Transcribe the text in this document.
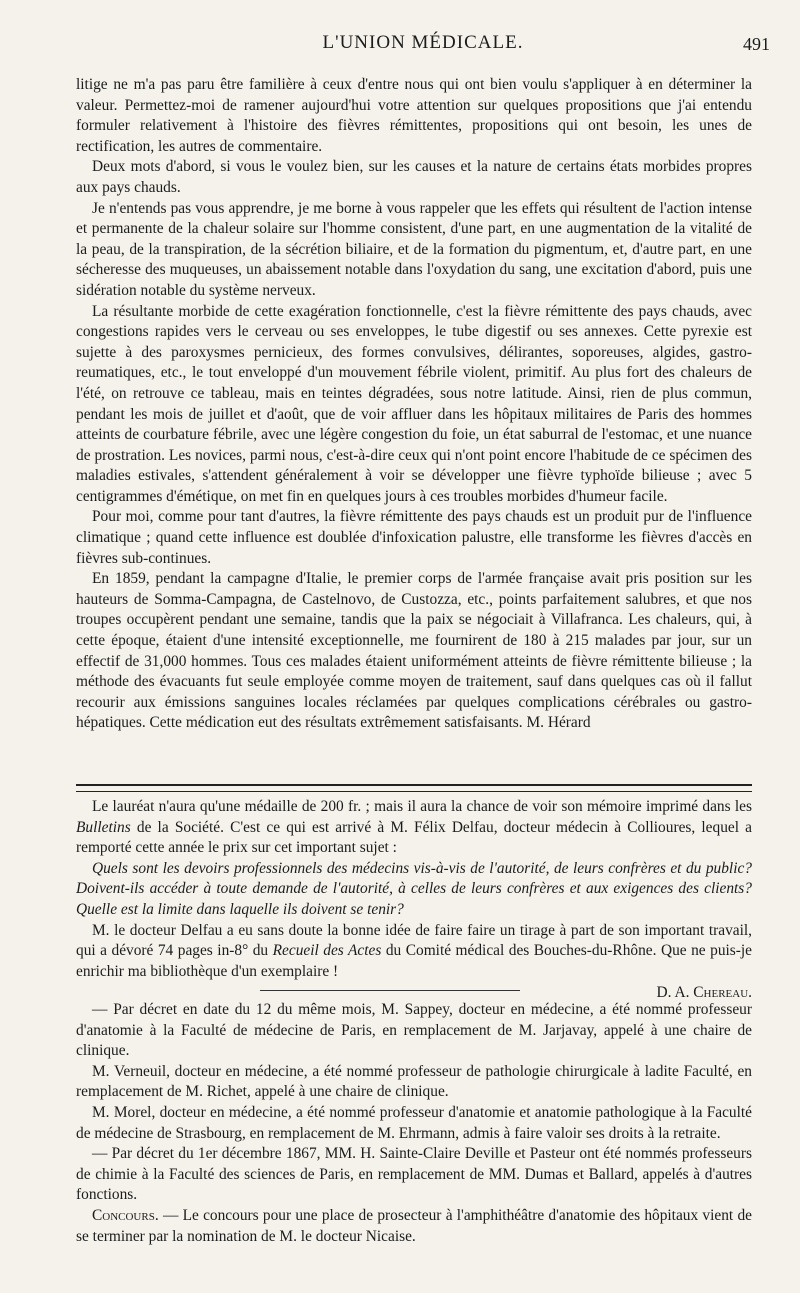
L'UNION MÉDICALE.	491

litige ne m'a pas paru être familière à ceux d'entre nous qui ont bien voulu s'appliquer à en déterminer la valeur. Permettez-moi de ramener aujourd'hui votre attention sur quelques propositions que j'ai entendu formuler relativement à l'histoire des fièvres rémittentes, propositions qui ont besoin, les unes de rectification, les autres de commentaire.

Deux mots d'abord, si vous le voulez bien, sur les causes et la nature de certains états morbides propres aux pays chauds.

Je n'entends pas vous apprendre, je me borne à vous rappeler que les effets qui résultent de l'action intense et permanente de la chaleur solaire sur l'homme consistent, d'une part, en une augmentation de la vitalité de la peau, de la transpiration, de la sécrétion biliaire, et de la formation du pigmentum, et, d'autre part, en une sécheresse des muqueuses, un abaissement notable dans l'oxydation du sang, une excitation d'abord, puis une sidération notable du système nerveux.

La résultante morbide de cette exagération fonctionnelle, c'est la fièvre rémittente des pays chauds, avec congestions rapides vers le cerveau ou ses enveloppes, le tube digestif ou ses annexes. Cette pyrexie est sujette à des paroxysmes pernicieux, des formes convulsives, délirantes, soporeuses, algides, gastro-reumatiques, etc., le tout enveloppé d'un mouvement fébrile violent, primitif. Au plus fort des chaleurs de l'été, on retrouve ce tableau, mais en teintes dégradées, sous notre latitude. Ainsi, rien de plus commun, pendant les mois de juillet et d'août, que de voir affluer dans les hôpitaux militaires de Paris des hommes atteints de courbature fébrile, avec une légère congestion du foie, un état saburral de l'estomac, et une nuance de prostration. Les novices, parmi nous, c'est-à-dire ceux qui n'ont point encore l'habitude de ce spécimen des maladies estivales, s'attendent généralement à voir se développer une fièvre typhoïde bilieuse ; avec 5 centigrammes d'émétique, on met fin en quelques jours à ces troubles morbides d'humeur facile.

Pour moi, comme pour tant d'autres, la fièvre rémittente des pays chauds est un produit pur de l'influence climatique ; quand cette influence est doublée d'infoxication palustre, elle transforme les fièvres d'accès en fièvres sub-continues.

En 1859, pendant la campagne d'Italie, le premier corps de l'armée française avait pris position sur les hauteurs de Somma-Campagna, de Castelnovo, de Custozza, etc., points parfaitement salubres, et que nos troupes occupèrent pendant une semaine, tandis que la paix se négociait à Villafranca. Les chaleurs, qui, à cette époque, étaient d'une intensité exceptionnelle, me fournirent de 180 à 215 malades par jour, sur un effectif de 31,000 hommes. Tous ces malades étaient uniformément atteints de fièvre rémittente bilieuse ; la méthode des évacuants fut seule employée comme moyen de traitement, sauf dans quelques cas où il fallut recourir aux émissions sanguines locales réclamées par quelques complications cérébrales ou gastro-hépatiques. Cette médication eut des résultats extrêmement satisfaisants. M. Hérard

Le lauréat n'aura qu'une médaille de 200 fr. ; mais il aura la chance de voir son mémoire imprimé dans les Bulletins de la Société. C'est ce qui est arrivé à M. Félix Delfau, docteur médecin à Collioures, lequel a remporté cette année le prix sur cet important sujet :

Quels sont les devoirs professionnels des médecins vis-à-vis de l'autorité, de leurs confrères et du public? Doivent-ils accéder à toute demande de l'autorité, à celles de leurs confrères et aux exigences des clients? Quelle est la limite dans laquelle ils doivent se tenir?

M. le docteur Delfau a eu sans doute la bonne idée de faire faire un tirage à part de son important travail, qui a dévoré 74 pages in-8° du Recueil des Actes du Comité médical des Bouches-du-Rhône. Que ne puis-je enrichir ma bibliothèque d'un exemplaire !

D. A. Chereau.

— Par décret en date du 12 du même mois, M. Sappey, docteur en médecine, a été nommé professeur d'anatomie à la Faculté de médecine de Paris, en remplacement de M. Jarjavay, appelé à une chaire de clinique.

M. Verneuil, docteur en médecine, a été nommé professeur de pathologie chirurgicale à ladite Faculté, en remplacement de M. Richet, appelé à une chaire de clinique.

M. Morel, docteur en médecine, a été nommé professeur d'anatomie et anatomie pathologique à la Faculté de médecine de Strasbourg, en remplacement de M. Ehrmann, admis à faire valoir ses droits à la retraite.

— Par décret du 1er décembre 1867, MM. H. Sainte-Claire Deville et Pasteur ont été nommés professeurs de chimie à la Faculté des sciences de Paris, en remplacement de MM. Dumas et Ballard, appelés à d'autres fonctions.

Concours. — Le concours pour une place de prosecteur à l'amphithéâtre d'anatomie des hôpitaux vient de se terminer par la nomination de M. le docteur Nicaise.
